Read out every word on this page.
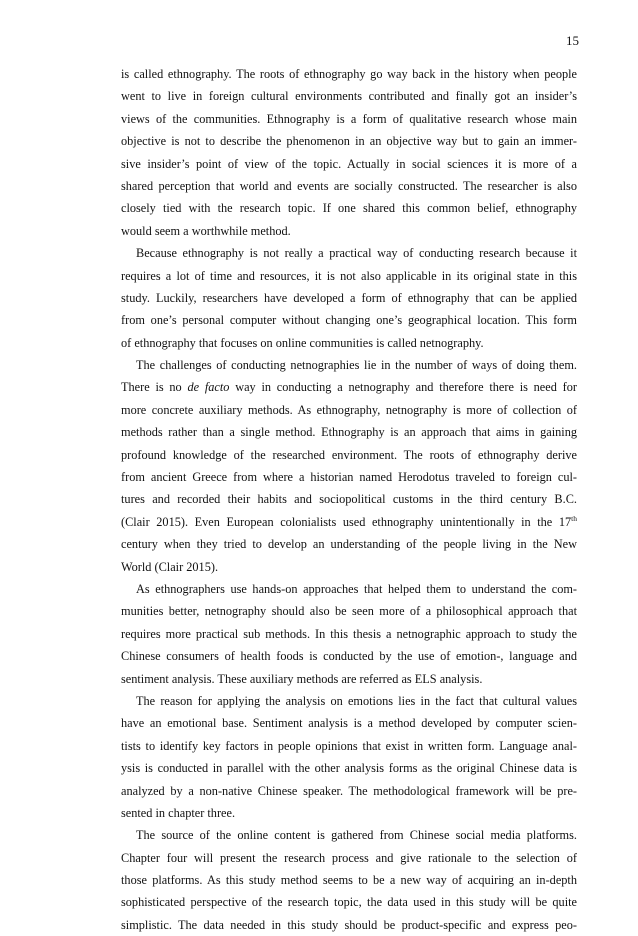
15
is called ethnography. The roots of ethnography go way back in the history when people
went to live in foreign cultural environments contributed and finally got an insider’s
views of the communities. Ethnography is a form of qualitative research whose main
objective is not to describe the phenomenon in an objective way but to gain an immer-
sive insider’s point of view of the topic. Actually in social sciences it is more of a
shared perception that world and events are socially constructed. The researcher is also
closely tied with the research topic. If one shared this common belief, ethnography
would seem a worthwhile method.
Because ethnography is not really a practical way of conducting research because it
requires a lot of time and resources, it is not also applicable in its original state in this
study. Luckily, researchers have developed a form of ethnography that can be applied
from one’s personal computer without changing one’s geographical location. This form
of ethnography that focuses on online communities is called netnography.
The challenges of conducting netnographies lie in the number of ways of doing them.
There is no de facto way in conducting a netnography and therefore there is need for
more concrete auxiliary methods. As ethnography, netnography is more of collection of
methods rather than a single method. Ethnography is an approach that aims in gaining
profound knowledge of the researched environment. The roots of ethnography derive
from ancient Greece from where a historian named Herodotus traveled to foreign cul-
tures and recorded their habits and sociopolitical customs in the third century B.C.
(Clair 2015). Even European colonialists used ethnography unintentionally in the 17th
century when they tried to develop an understanding of the people living in the New
World (Clair 2015).
As ethnographers use hands-on approaches that helped them to understand the com-
munities better, netnography should also be seen more of a philosophical approach that
requires more practical sub methods. In this thesis a netnographic approach to study the
Chinese consumers of health foods is conducted by the use of emotion-, language and
sentiment analysis. These auxiliary methods are referred as ELS analysis.
The reason for applying the analysis on emotions lies in the fact that cultural values
have an emotional base. Sentiment analysis is a method developed by computer scien-
tists to identify key factors in people opinions that exist in written form. Language anal-
ysis is conducted in parallel with the other analysis forms as the original Chinese data is
analyzed by a non-native Chinese speaker. The methodological framework will be pre-
sented in chapter three.
The source of the online content is gathered from Chinese social media platforms.
Chapter four will present the research process and give rationale to the selection of
those platforms. As this study method seems to be a new way of acquiring an in-depth
sophisticated perspective of the research topic, the data used in this study will be quite
simplistic. The data needed in this study should be product-specific and express peo-
